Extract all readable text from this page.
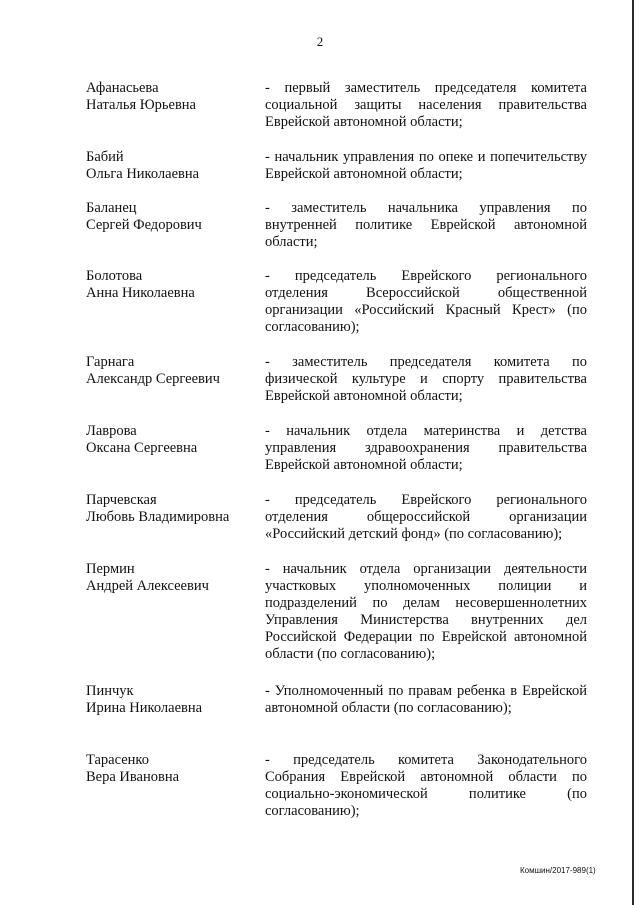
2
Афанасьева
Наталья Юрьевна
- первый заместитель председателя комитета социальной защиты населения правительства Еврейской автономной области;
Бабий
Ольга Николаевна
- начальник управления по опеке и попечительству Еврейской автономной области;
Баланец
Сергей Федорович
- заместитель начальника управления по внутренней политике Еврейской автономной области;
Болотова
Анна Николаевна
- председатель Еврейского регионального отделения Всероссийской общественной организации «Российский Красный Крест» (по согласованию);
Гарнага
Александр Сергеевич
- заместитель председателя комитета по физической культуре и спорту правительства Еврейской автономной области;
Лаврова
Оксана Сергеевна
- начальник отдела материнства и детства управления здравоохранения правительства Еврейской автономной области;
Парчевская
Любовь Владимировна
- председатель Еврейского регионального отделения общероссийской организации «Российский детский фонд» (по согласованию);
Пермин
Андрей Алексеевич
- начальник отдела организации деятельности участковых уполномоченных полиции и подразделений по делам несовершеннолетних Управления Министерства внутренних дел Российской Федерации по Еврейской автономной области (по согласованию);
Пинчук
Ирина Николаевна
- Уполномоченный по правам ребенка в Еврейской автономной области (по согласованию);
Тарасенко
Вера Ивановна
- председатель комитета Законодательного Собрания Еврейской автономной области по социально-экономической политике (по согласованию);
Комшин/2017-989(1)
